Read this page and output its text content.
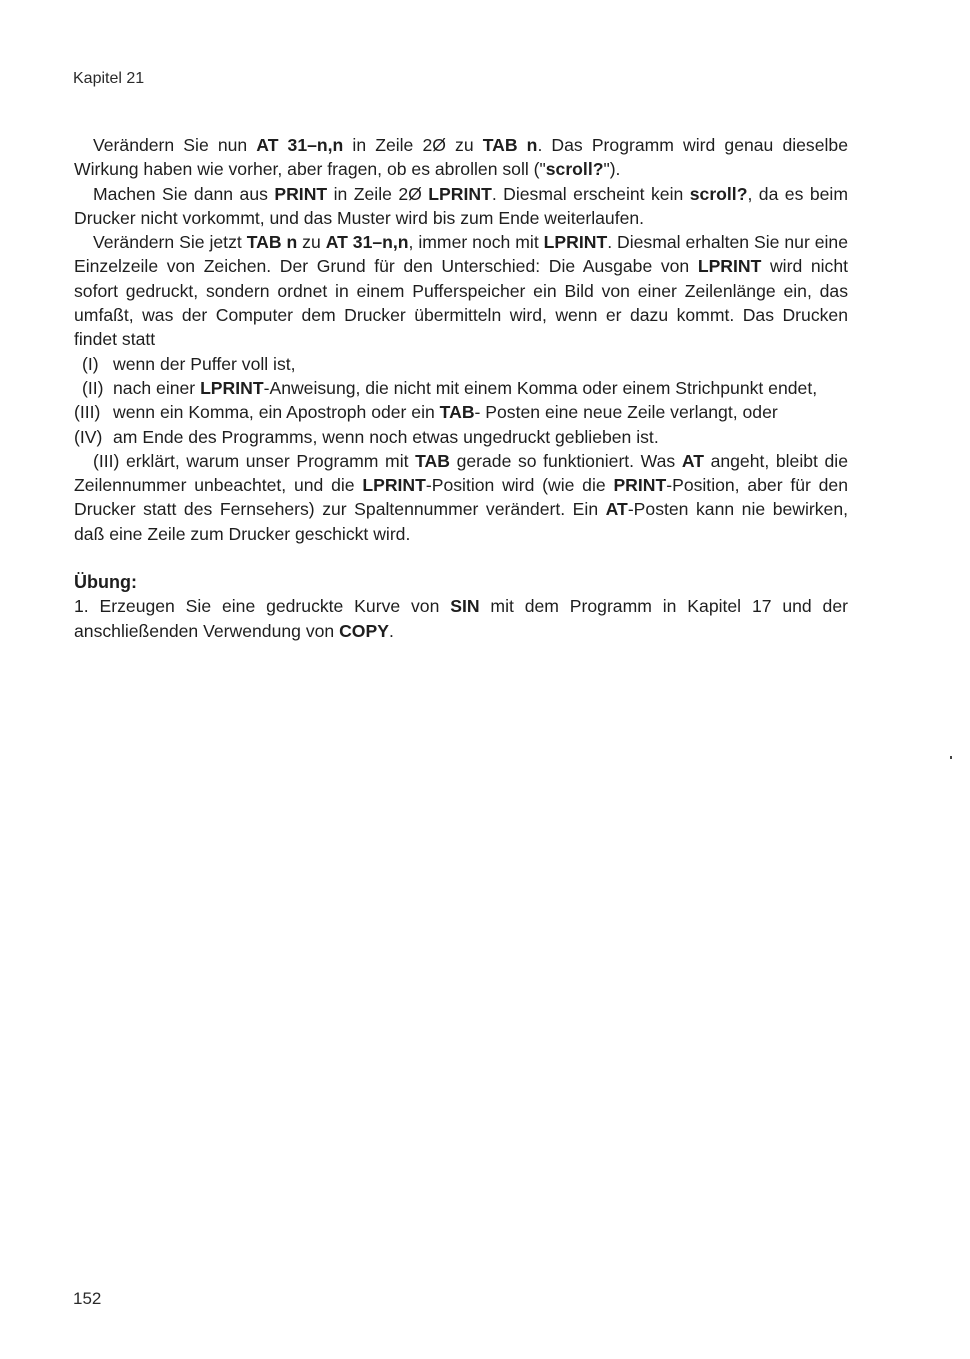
Kapitel 21

Verändern Sie nun AT 31–n,n in Zeile 2Ø zu TAB n. Das Programm wird genau dieselbe Wirkung haben wie vorher, aber fragen, ob es abrollen soll ("scroll?").

Machen Sie dann aus PRINT in Zeile 2Ø LPRINT. Diesmal erscheint kein scroll?, da es beim Drucker nicht vorkommt, und das Muster wird bis zum Ende weiterlaufen.

Verändern Sie jetzt TAB n zu AT 31–n,n, immer noch mit LPRINT. Diesmal erhalten Sie nur eine Einzelzeile von Zeichen. Der Grund für den Unterschied: Die Ausgabe von LPRINT wird nicht sofort gedruckt, sondern ordnet in einem Pufferspeicher ein Bild von einer Zeilenlänge ein, das umfaßt, was der Computer dem Drucker übermitteln wird, wenn er dazu kommt. Das Drucken findet statt

(I) wenn der Puffer voll ist,

(II) nach einer LPRINT-Anweisung, die nicht mit einem Komma oder einem Strichpunkt endet,

(III) wenn ein Komma, ein Apostroph oder ein TAB- Posten eine neue Zeile verlangt, oder

(IV) am Ende des Programms, wenn noch etwas ungedruckt geblieben ist.

(III) erklärt, warum unser Programm mit TAB gerade so funktioniert. Was AT angeht, bleibt die Zeilennummer unbeachtet, und die LPRINT-Position wird (wie die PRINT-Position, aber für den Drucker statt des Fernsehers) zur Spaltennummer verändert. Ein AT-Posten kann nie bewirken, daß eine Zeile zum Drucker geschickt wird.

Übung:

1. Erzeugen Sie eine gedruckte Kurve von SIN mit dem Programm in Kapitel 17 und der anschließenden Verwendung von COPY.

152
